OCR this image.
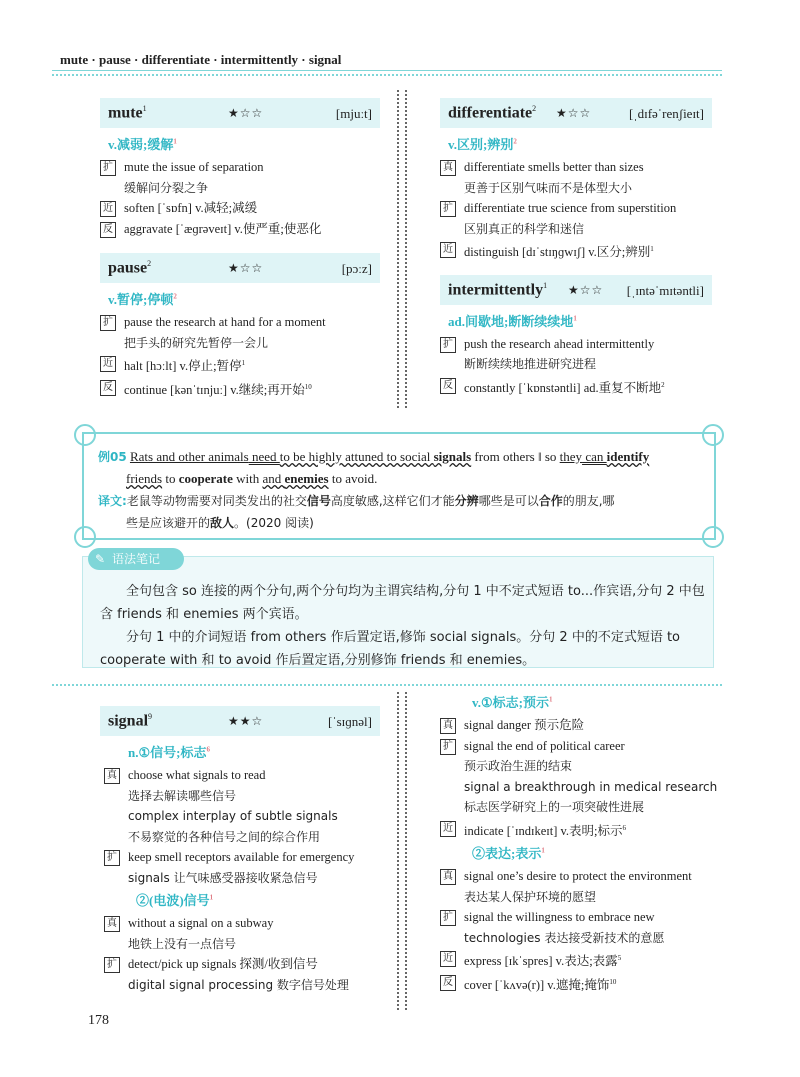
mute · pause · differentiate · intermittently · signal
mute$^1$	★☆☆	[mjuːt]
v.减弱;缓解$^1$
扩 mute the issue of separation
缓解问分裂之争
近 soften [ˈsɒfn] v.减轻;减缓
反 aggravate [ˈæɡrəveɪt] v.使严重;使恶化
pause$^2$	★☆☆	[pɔːz]
v.暂停;停顿$^2$
扩 pause the research at hand for a moment
把手头的研究先暂停一会儿
近 halt [hɔːlt] v.停止;暂停$^1$
反 continue [kənˈtɪnjuː] v.继续;再开始$^{10}$
differentiate$^2$ ★☆☆	[ˌdɪfəˈrenʃieɪt]
v.区别;辨别$^2$
真 differentiate smells better than sizes
更善于区别气味而不是体型大小
扩 differentiate true science from superstition
区别真正的科学和迷信
近 distinguish [dɪˈstɪŋɡwɪʃ] v.区分;辨别$^1$
intermittently$^1$ ★☆☆ [ˌɪntəˈmɪtəntli]
ad.间歇地;断断续续地$^1$
扩 push the research ahead intermittently
断断续续地推进研究进程
反 constantly [ˈkɒnstəntli] ad.重复不断地$^2$
例05 Rats and other animals need to be highly attuned to social signals from others ‖ so they can identify
friends to cooperate with and enemies to avoid.
译文:老鼠等动物需要对同类发出的社交信号高度敏感,这样它们才能分辨哪些是可以合作的朋友,哪
些是应该避开的敌人。(2020 阅读)
✎ 语法笔记
全句包含 so 连接的两个分句,两个分句均为主谓宾结构,分句 1 中不定式短语 to...作宾语,分句 2 中包含 friends 和 enemies 两个宾语。
分句 1 中的介词短语 from others 作后置定语,修饰 social signals。分句 2 中的不定式短语 to cooperate with 和 to avoid 作后置定语,分别修饰 friends 和 enemies。
signal$^9$	★★☆	[ˈsɪɡnəl]
n.①信号;标志$^6$
真 choose what signals to read
选择去解读哪些信号
complex interplay of subtle signals
不易察觉的各种信号之间的综合作用
扩 keep smell receptors available for emergency
signals 让气味感受器接收紧急信号
②(电波)信号$^1$
真 without a signal on a subway
地铁上没有一点信号
扩 detect/pick up signals 探测/收到信号
digital signal processing 数字信号处理
v.①标志;预示$^1$
真 signal danger 预示危险
扩 signal the end of political career
预示政治生涯的结束
signal a breakthrough in medical research
标志医学研究上的一项突破性进展
近 indicate [ˈɪndɪkeɪt] v.表明;标示$^6$
②表达;表示$^1$
真 signal one’s desire to protect the environment
表达某人保护环境的愿望
扩 signal the willingness to embrace new
technologies 表达接受新技术的意愿
近 express [ɪkˈspres] v.表达;表露$^5$
反 cover [ˈkʌvə(r)] v.遮掩;掩饰$^{10}$
178
